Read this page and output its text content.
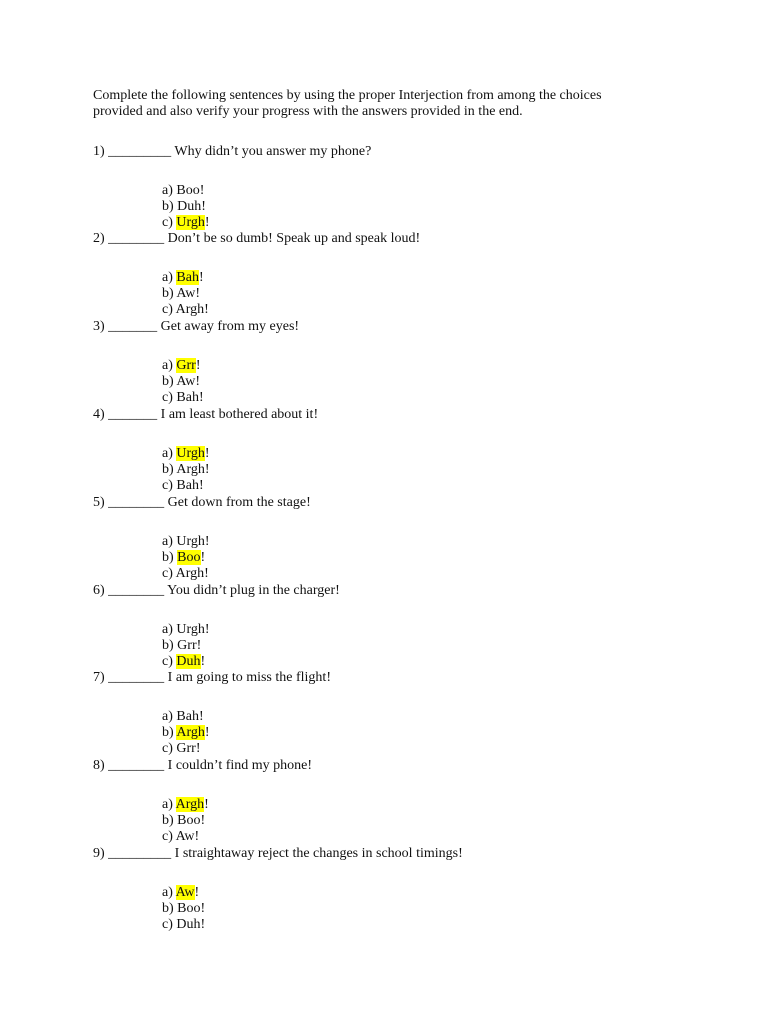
Complete the following sentences by using the proper Interjection from among the choices
provided and also verify your progress with the answers provided in the end.
1) _________ Why didn’t you answer my phone?
a) Boo!
b) Duh!
c) Urgh!
2) ________ Don’t be so dumb! Speak up and speak loud!
a) Bah!
b) Aw!
c) Argh!
3) _______ Get away from my eyes!
a) Grr!
b) Aw!
c) Bah!
4) _______ I am least bothered about it!
a) Urgh!
b) Argh!
c) Bah!
5) ________ Get down from the stage!
a) Urgh!
b) Boo!
c) Argh!
6) ________ You didn’t plug in the charger!
a) Urgh!
b) Grr!
c) Duh!
7) ________ I am going to miss the flight!
a) Bah!
b) Argh!
c) Grr!
8) ________ I couldn’t find my phone!
a) Argh!
b) Boo!
c) Aw!
9) _________ I straightaway reject the changes in school timings!
a) Aw!
b) Boo!
c) Duh!
